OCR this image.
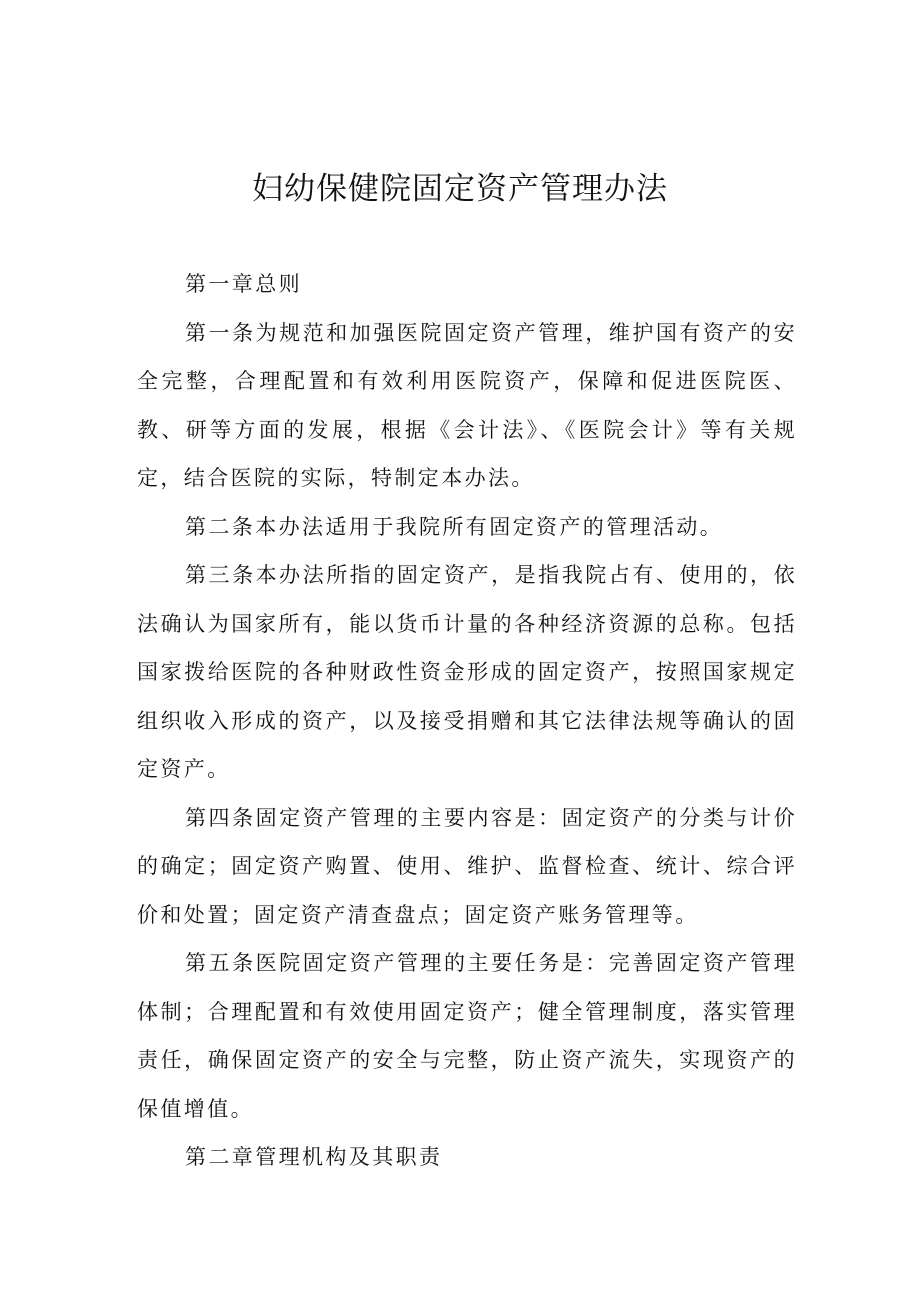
妇幼保健院固定资产管理办法

第一章总则

第一条为规范和加强医院固定资产管理，维护国有资产的安全完整，合理配置和有效利用医院资产，保障和促进医院医、教、研等方面的发展，根据《会计法》、《医院会计》等有关规定，结合医院的实际，特制定本办法。

第二条本办法适用于我院所有固定资产的管理活动。

第三条本办法所指的固定资产，是指我院占有、使用的，依法确认为国家所有，能以货币计量的各种经济资源的总称。包括国家拨给医院的各种财政性资金形成的固定资产，按照国家规定组织收入形成的资产，以及接受捐赠和其它法律法规等确认的固定资产。

第四条固定资产管理的主要内容是：固定资产的分类与计价的确定；固定资产购置、使用、维护、监督检查、统计、综合评价和处置；固定资产清查盘点；固定资产账务管理等。

第五条医院固定资产管理的主要任务是：完善固定资产管理体制；合理配置和有效使用固定资产；健全管理制度，落实管理责任，确保固定资产的安全与完整，防止资产流失，实现资产的保值增值。

第二章管理机构及其职责
